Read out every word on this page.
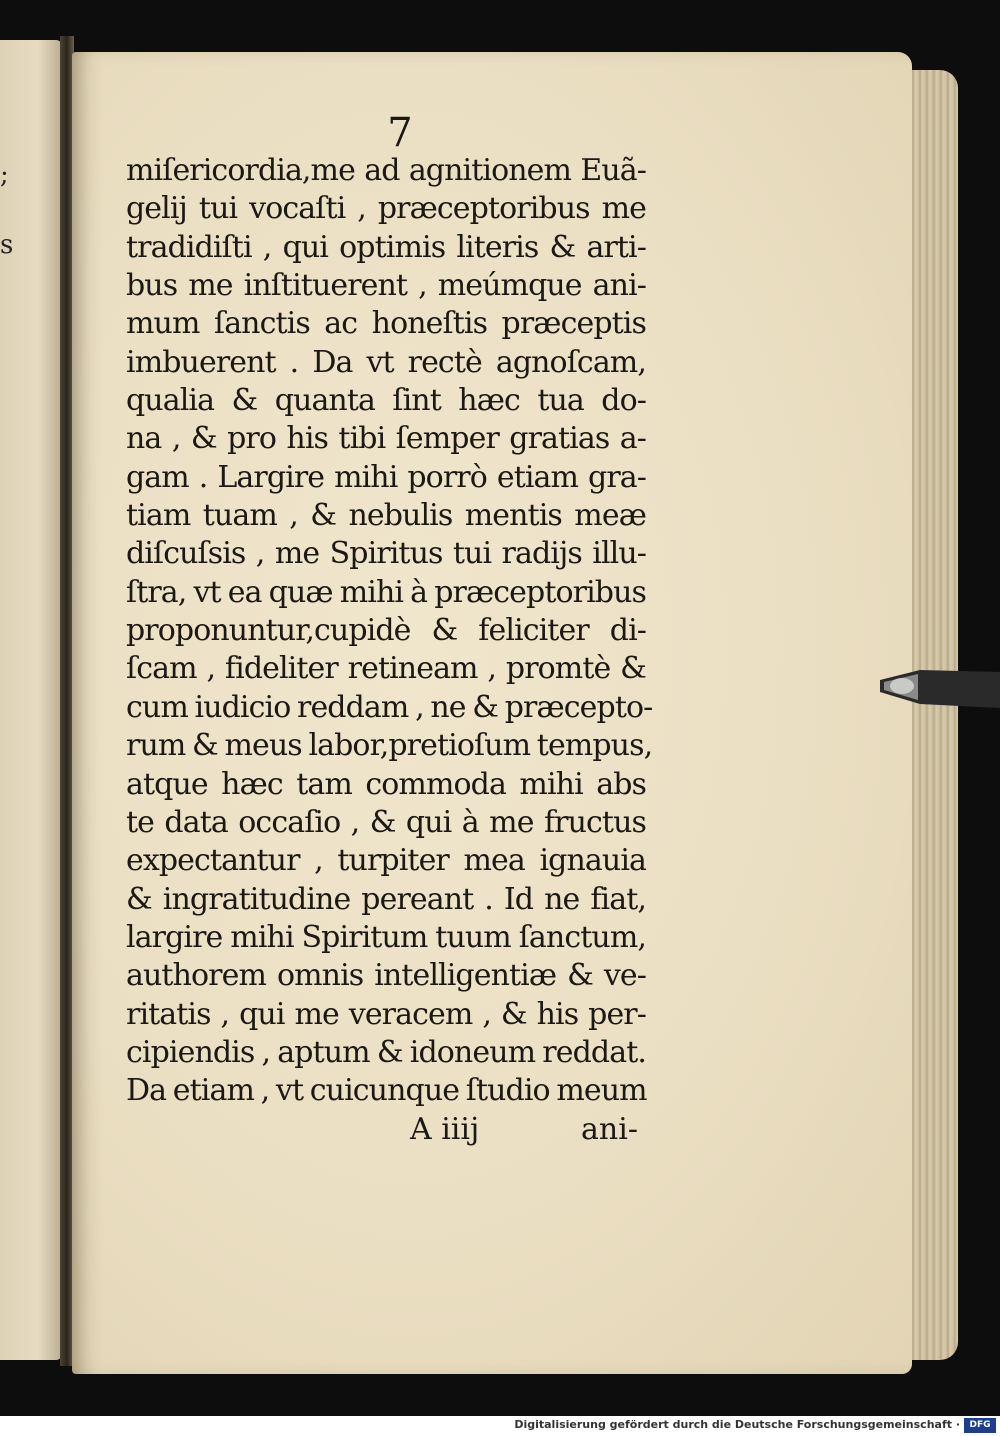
;
s
7
miſericordia,me ad agnitionem Euã-
gelij tui vocaſti , præceptoribus me
tradidiſti , qui optimis literis & arti-
bus me inſtituerent , meúmque ani-
mum ſanctis ac honeſtis præceptis
imbuerent . Da vt rectè agnoſcam,
qualia & quanta ſint hæc tua do-
na , & pro his tibi ſemper gratias a-
gam . Largire mihi porrò etiam gra-
tiam tuam , & nebulis mentis meæ
diſcuſsis , me Spiritus tui radijs illu-
ſtra, vt ea quæ mihi à præceptoribus
proponuntur,cupidè & feliciter di-
ſcam , fideliter retineam , promtè &
cum iudicio reddam , ne & præcepto-
rum & meus labor,pretioſum tempus,
atque hæc tam commoda mihi abs
te data occaſio , & qui à me fructus
expectantur , turpiter mea ignauia
& ingratitudine pereant . Id ne fiat,
largire mihi Spiritum tuum ſanctum,
authorem omnis intelligentiæ & ve-
ritatis , qui me veracem , & his per-
cipiendis , aptum & idoneum reddat.
Da etiam , vt cuicunque ſtudio meum
A iiij	ani-
Digitalisierung gefördert durch die Deutsche Forschungsgemeinschaft ·	DFG
